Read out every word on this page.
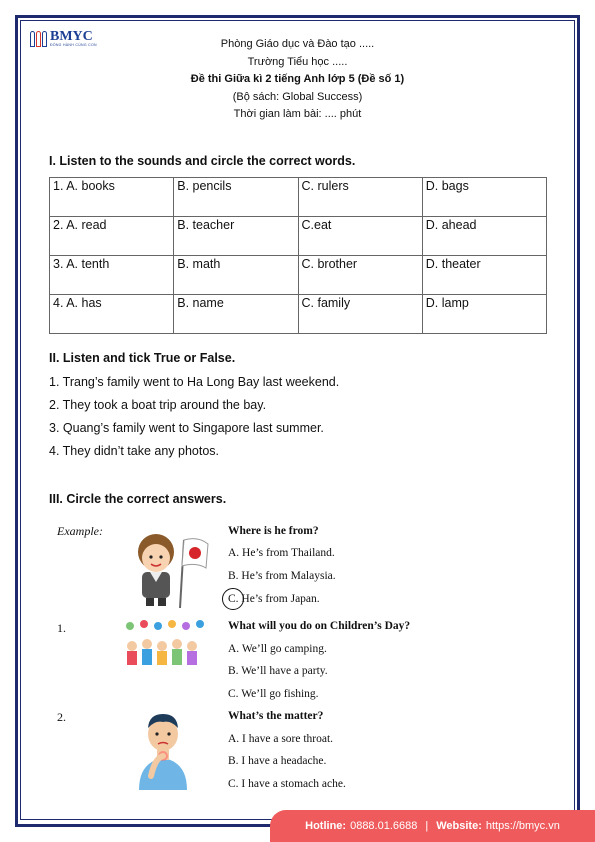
BMYC
ĐỒNG HÀNH CÙNG CON	Phòng Giáo dục và Đào tạo .....
Trường Tiểu học .....
Đề thi Giữa kì 2 tiếng Anh lớp 5 (Đề số 1)
(Bộ sách: Global Success)
Thời gian làm bài: .... phút
I. Listen to the sounds and circle the correct words.
1. A. books	B. pencils	C. rulers	D. bags
2. A. read	B. teacher	C.eat	D. ahead
3. A. tenth	B. math	C. brother	D. theater
4. A. has	B. name	C. family	D. lamp
II. Listen and tick True or False.
1. Trang’s family went to Ha Long Bay last weekend.
2. They took a boat trip around the bay.
3. Quang’s family went to Singapore last summer.
4. They didn’t take any photos.
III. Circle the correct answers.
Example:	Where is he from?
A. He’s from Thailand.
B. He’s from Malaysia.
C. He’s from Japan.
1.	What will you do on Children’s Day?
A. We’ll go camping.
B. We’ll have a party.
C. We’ll go fishing.
2.	What’s the matter?
A. I have a sore throat.
B. I have a headache.
C. I have a stomach ache.
Hotline: 0888.01.6688 | Website: https://bmyc.vn
